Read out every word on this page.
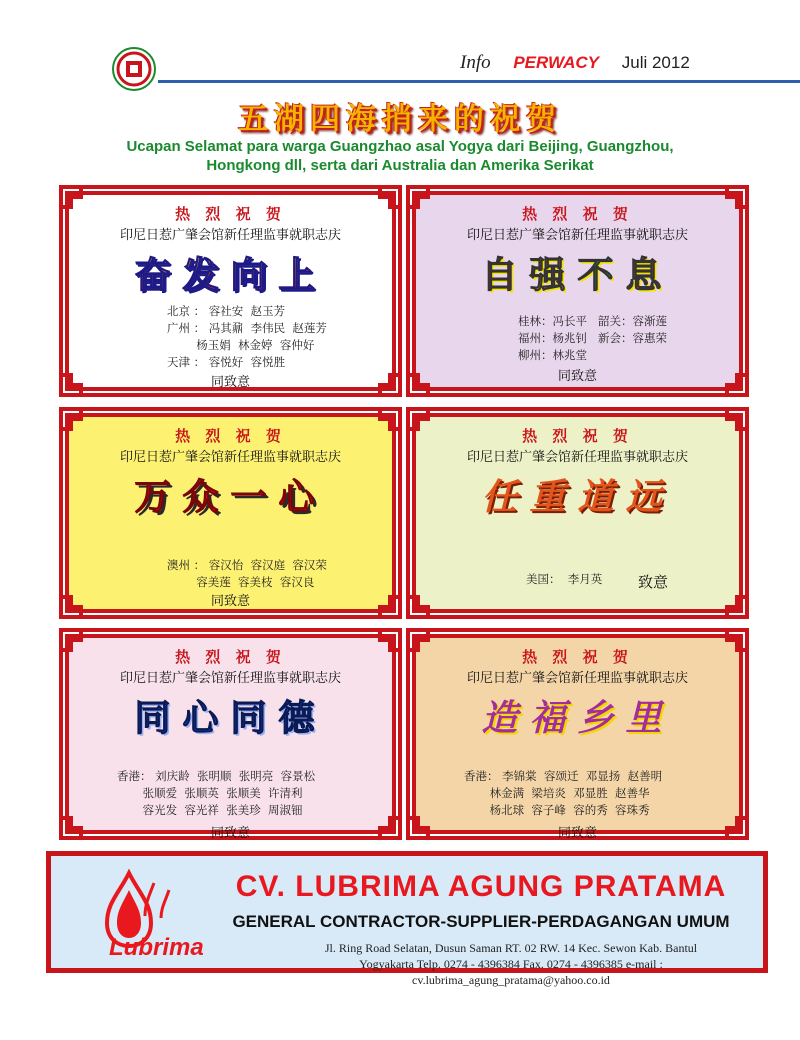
Info PERWACY Juli 2012
五湖四海捎来的祝贺
Ucapan Selamat para warga Guangzhao asal Yogya dari Beijing, Guangzhou,
Hongkong dll, serta dari Australia dan Amerika Serikat
热 烈 祝 贺
印尼日惹广肇会馆新任理监事就职志庆
奋发向上
北京 ： 容社安  赵玉芳
广州 ： 冯其鼐  李伟民  赵莲芳
杨玉娟  林金婷  容仲好
天津 ： 容悦好  容悦胜
同致意
热 烈 祝 贺
印尼日惹广肇会馆新任理监事就职志庆
自强不息
桂林：冯长平   韶关：容渐莲
福州：杨兆钊   新会：容惠荣
柳州：林兆堂
同致意
热 烈 祝 贺
印尼日惹广肇会馆新任理监事就职志庆
万众一心
澳州 ： 容汉怡  容汉庭  容汉荣
容美莲  容美枝  容汉良
同致意
热 烈 祝 贺
印尼日惹广肇会馆新任理监事就职志庆
任重道远
美国：  李月英 致意
热 烈 祝 贺
印尼日惹广肇会馆新任理监事就职志庆
同心同德
香港： 刘庆龄  张明顺  张明亮  容景松
张顺爱  张顺英  张顺美  许清利
容光发  容光祥  张美珍  周淑钿
同致意
热 烈 祝 贺
印尼日惹广肇会馆新任理监事就职志庆
造福乡里
香港： 李锦棠  容颂迁  邓显扬  赵善明
林金满  梁培炎  邓显胜  赵善华
杨北球  容子峰  容的秀  容珠秀
同致意
Lubrima
CV. LUBRIMA AGUNG PRATAMA
GENERAL CONTRACTOR-SUPPLIER-PERDAGANGAN UMUM
Jl. Ring Road Selatan, Dusun Saman RT. 02 RW. 14 Kec. Sewon Kab. Bantul
Yogyakarta Telp. 0274 - 4396384 Fax. 0274 - 4396385 e-mail : cv.lubrima_agung_pratama@yahoo.co.id
